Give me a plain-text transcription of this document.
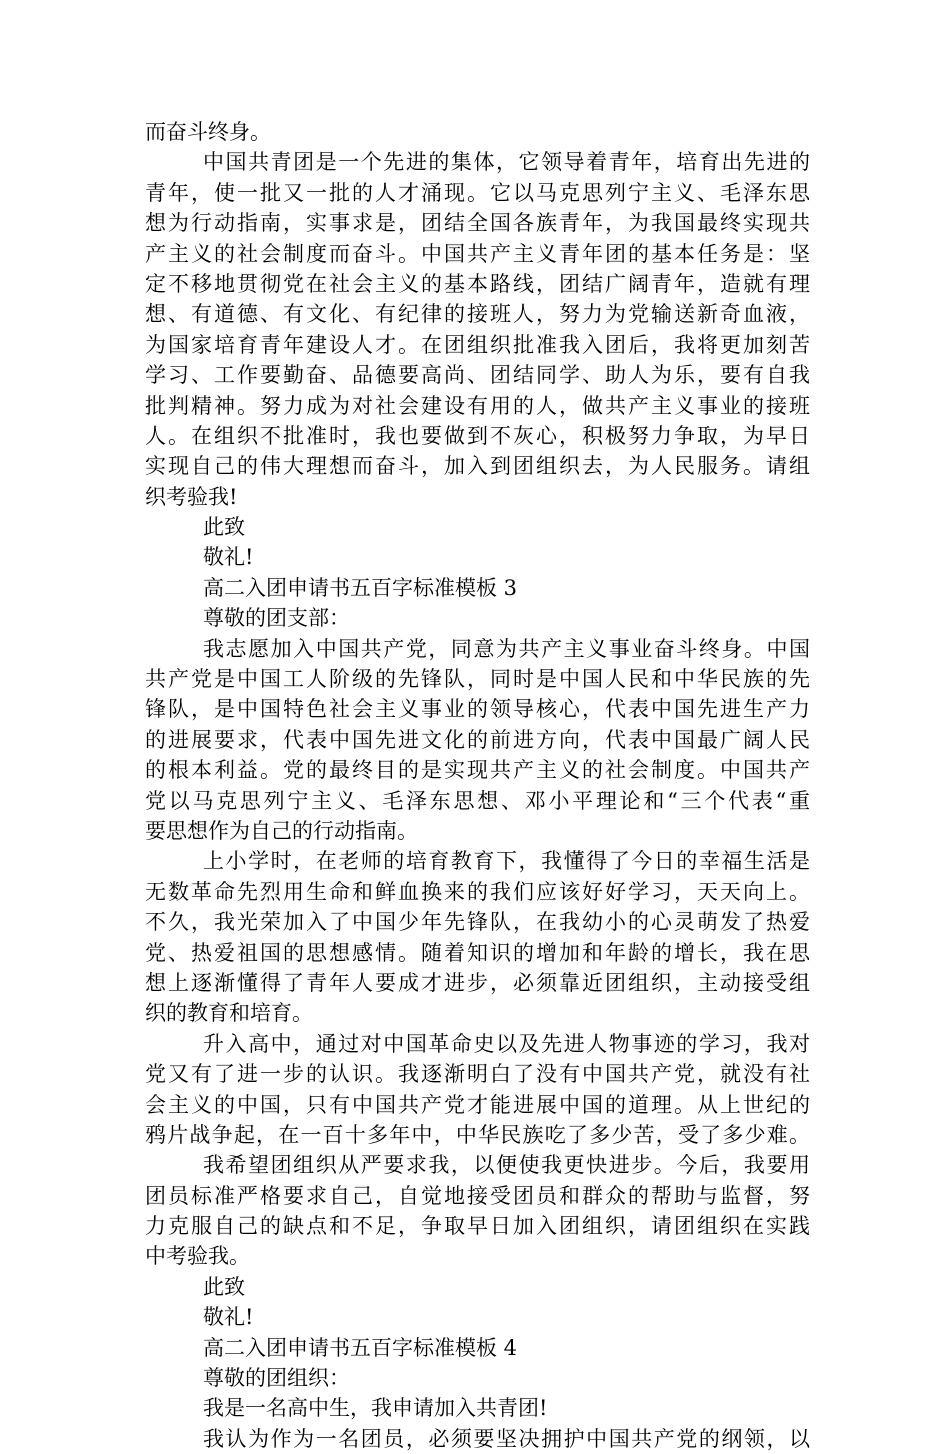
而奋斗终身。
中国共青团是一个先进的集体，它领导着青年，培育出先进的
青年，使一批又一批的人才涌现。它以马克思列宁主义、毛泽东思
想为行动指南，实事求是，团结全国各族青年，为我国最终实现共
产主义的社会制度而奋斗。中国共产主义青年团的基本任务是：坚
定不移地贯彻党在社会主义的基本路线，团结广阔青年，造就有理
想、有道德、有文化、有纪律的接班人，努力为党输送新奇血液，
为国家培育青年建设人才。在团组织批准我入团后，我将更加刻苦
学习、工作要勤奋、品德要高尚、团结同学、助人为乐，要有自我
批判精神。努力成为对社会建设有用的人，做共产主义事业的接班
人。在组织不批准时，我也要做到不灰心，积极努力争取，为早日
实现自己的伟大理想而奋斗，加入到团组织去，为人民服务。请组
织考验我!
此致
敬礼!
高二入团申请书五百字标准模板 3
尊敬的团支部：
我志愿加入中国共产党，同意为共产主义事业奋斗终身。中国
共产党是中国工人阶级的先锋队，同时是中国人民和中华民族的先
锋队，是中国特色社会主义事业的领导核心，代表中国先进生产力
的进展要求，代表中国先进文化的前进方向，代表中国最广阔人民
的根本利益。党的最终目的是实现共产主义的社会制度。中国共产
党以马克思列宁主义、毛泽东思想、邓小平理论和“三个代表“重
要思想作为自己的行动指南。
上小学时，在老师的培育教育下，我懂得了今日的幸福生活是
无数革命先烈用生命和鲜血换来的我们应该好好学习，天天向上。
不久，我光荣加入了中国少年先锋队，在我幼小的心灵萌发了热爱
党、热爱祖国的思想感情。随着知识的增加和年龄的增长，我在思
想上逐渐懂得了青年人要成才进步，必须靠近团组织，主动接受组
织的教育和培育。
升入高中，通过对中国革命史以及先进人物事迹的学习，我对
党又有了进一步的认识。我逐渐明白了没有中国共产党，就没有社
会主义的中国，只有中国共产党才能进展中国的道理。从上世纪的
鸦片战争起，在一百十多年中，中华民族吃了多少苦，受了多少难。
我希望团组织从严要求我，以便使我更快进步。今后，我要用
团员标准严格要求自己，自觉地接受团员和群众的帮助与监督，努
力克服自己的缺点和不足，争取早日加入团组织，请团组织在实践
中考验我。
此致
敬礼!
高二入团申请书五百字标准模板 4
尊敬的团组织：
我是一名高中生，我申请加入共青团!
我认为作为一名团员，必须要坚决拥护中国共产党的纲领，以
